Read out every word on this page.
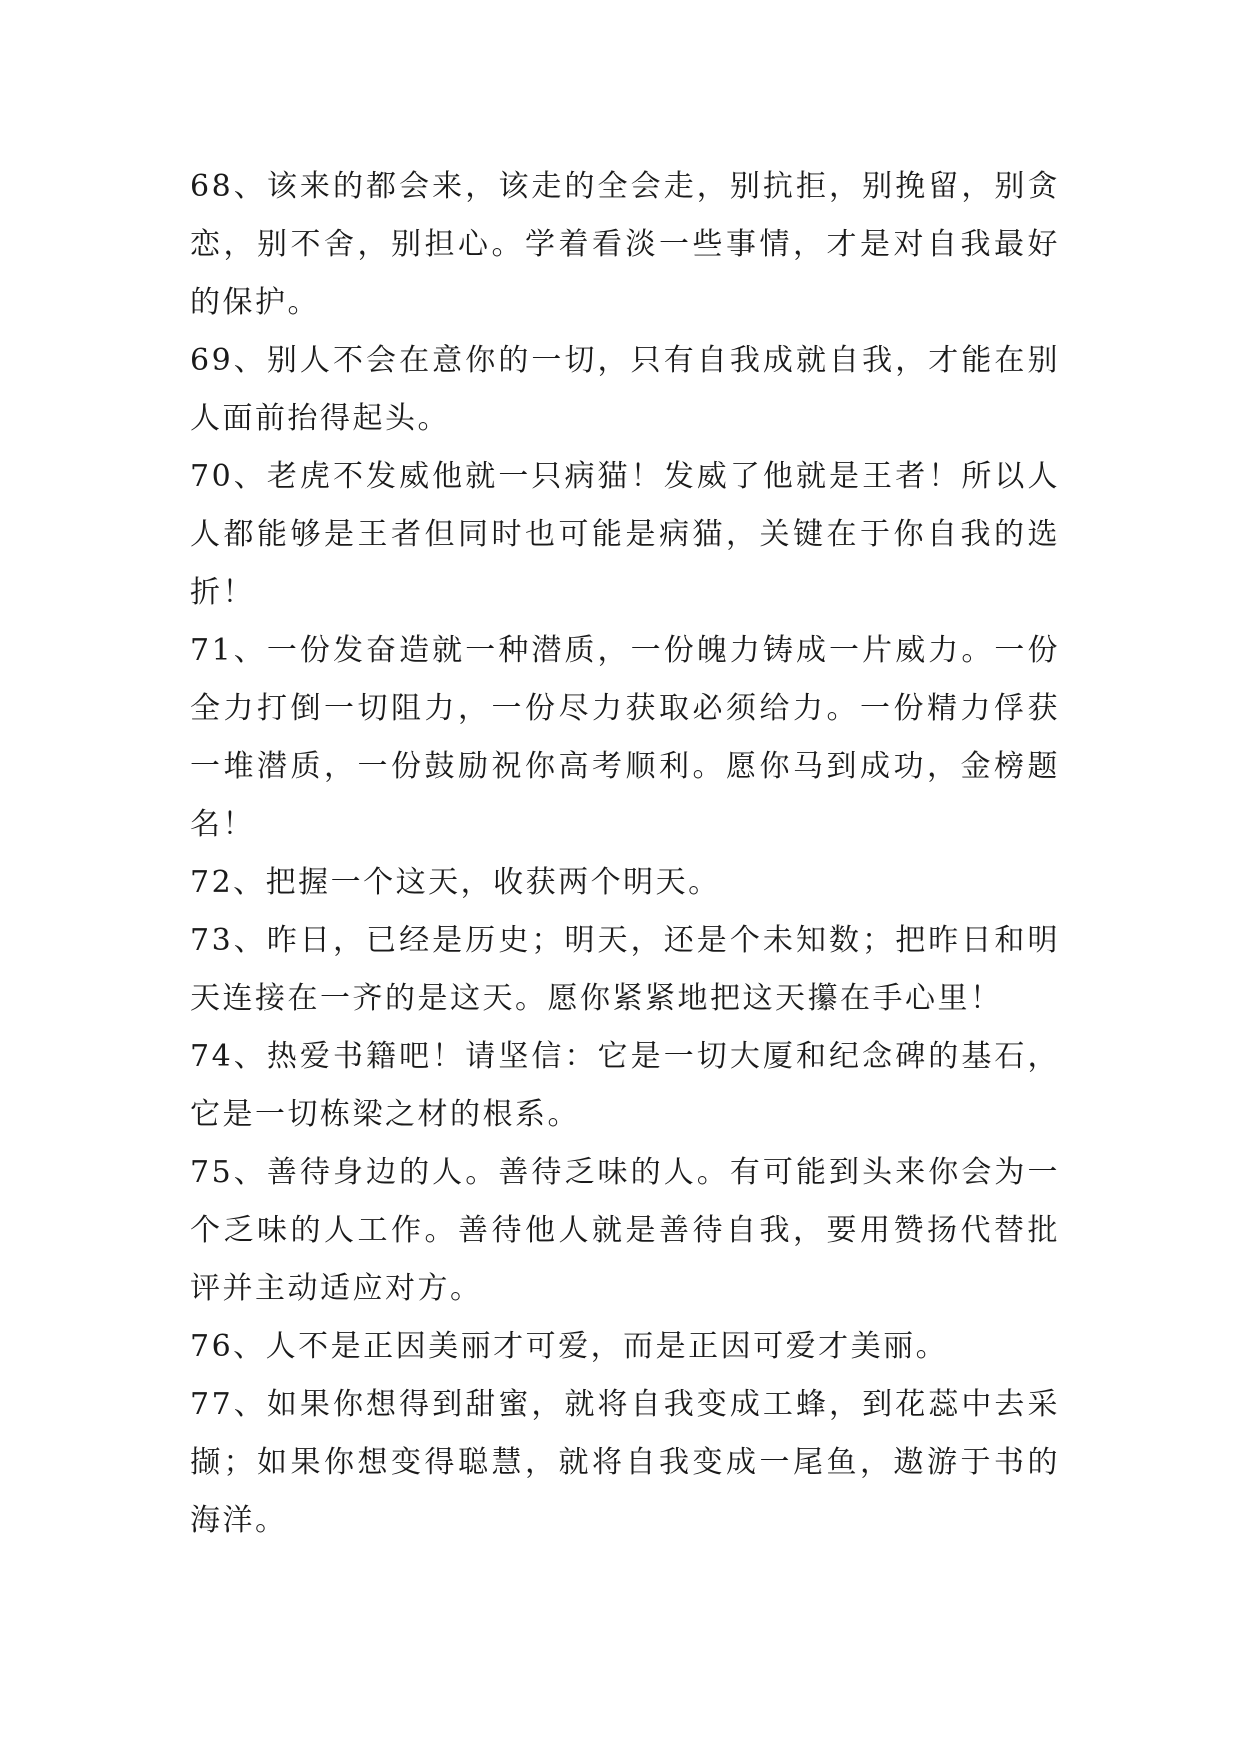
68、该来的都会来，该走的全会走，别抗拒，别挽留，别贪恋，别不舍，别担心。学着看淡一些事情，才是对自我最好的保护。

69、别人不会在意你的一切，只有自我成就自我，才能在别人面前抬得起头。

70、老虎不发威他就一只病猫！发威了他就是王者！所以人人都能够是王者但同时也可能是病猫，关键在于你自我的选折！

71、一份发奋造就一种潜质，一份魄力铸成一片威力。一份全力打倒一切阻力，一份尽力获取必须给力。一份精力俘获一堆潜质，一份鼓励祝你高考顺利。愿你马到成功，金榜题名！

72、把握一个这天，收获两个明天。

73、昨日，已经是历史；明天，还是个未知数；把昨日和明天连接在一齐的是这天。愿你紧紧地把这天攥在手心里！

74、热爱书籍吧！请坚信：它是一切大厦和纪念碑的基石，它是一切栋梁之材的根系。

75、善待身边的人。善待乏味的人。有可能到头来你会为一个乏味的人工作。善待他人就是善待自我，要用赞扬代替批评并主动适应对方。

76、人不是正因美丽才可爱，而是正因可爱才美丽。

77、如果你想得到甜蜜，就将自我变成工蜂，到花蕊中去采撷；如果你想变得聪慧，就将自我变成一尾鱼，遨游于书的海洋。
